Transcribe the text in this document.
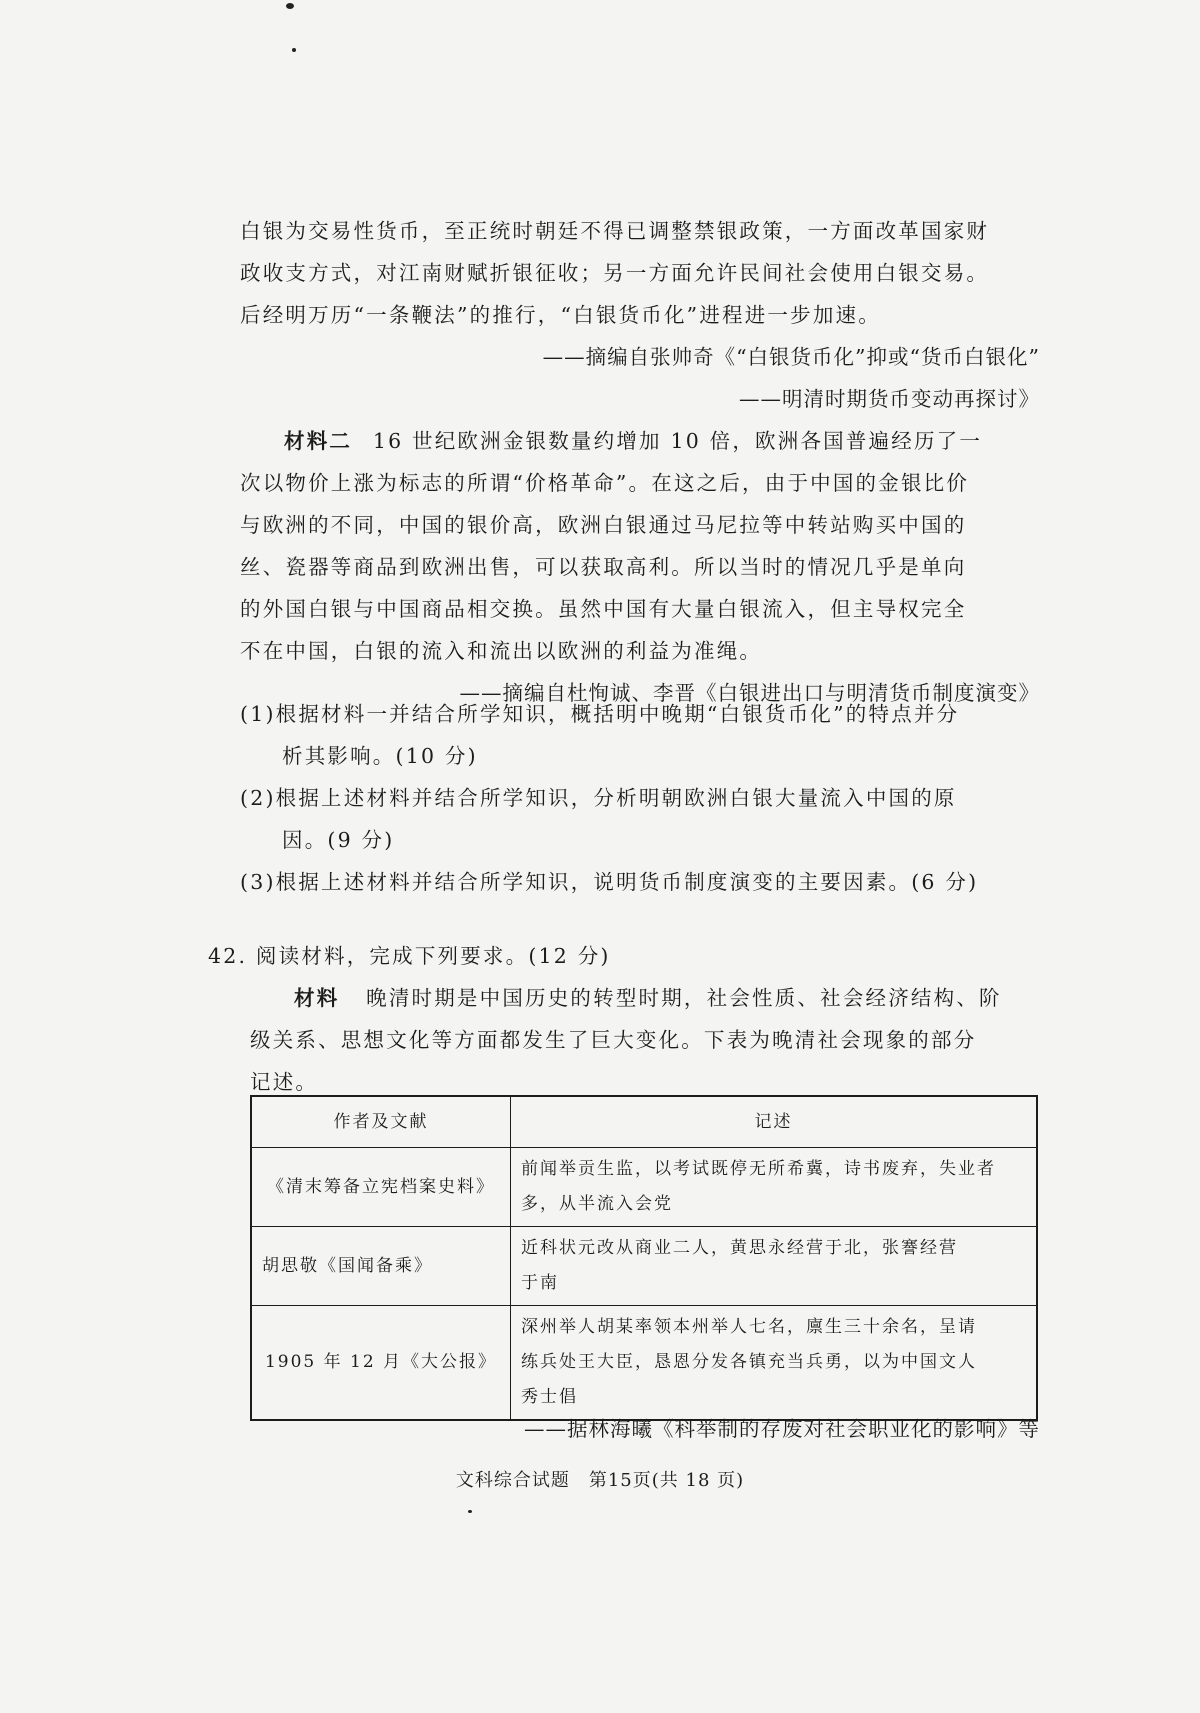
白银为交易性货币，至正统时朝廷不得已调整禁银政策，一方面改革国家财
政收支方式，对江南财赋折银征收；另一方面允许民间社会使用白银交易。
后经明万历“一条鞭法”的推行，“白银货币化”进程进一步加速。
——摘编自张帅奇《“白银货币化”抑或“货币白银化”
——明清时期货币变动再探讨》
材料二 16 世纪欧洲金银数量约增加 10 倍，欧洲各国普遍经历了一
次以物价上涨为标志的所谓“价格革命”。在这之后，由于中国的金银比价
与欧洲的不同，中国的银价高，欧洲白银通过马尼拉等中转站购买中国的
丝、瓷器等商品到欧洲出售，可以获取高利。所以当时的情况几乎是单向
的外国白银与中国商品相交换。虽然中国有大量白银流入，但主导权完全
不在中国，白银的流入和流出以欧洲的利益为准绳。
——摘编自杜恂诚、李晋《白银进出口与明清货币制度演变》
(1)根据材料一并结合所学知识，概括明中晚期“白银货币化”的特点并分
析其影响。(10 分)
(2)根据上述材料并结合所学知识，分析明朝欧洲白银大量流入中国的原
因。(9 分)
(3)根据上述材料并结合所学知识，说明货币制度演变的主要因素。(6 分)
42. 阅读材料，完成下列要求。(12 分)
材料 晚清时期是中国历史的转型时期，社会性质、社会经济结构、阶
级关系、思想文化等方面都发生了巨大变化。下表为晚清社会现象的部分
记述。
作者及文献	记述
《清末筹备立宪档案史料》	前闻举贡生监，以考试既停无所希冀，诗书废弃，失业者
多，从半流入会党

胡思敬《国闻备乘》	近科状元改从商业二人，黄思永经营于北，张謇经营
于南

1905 年 12 月《大公报》	深州举人胡某率领本州举人七名，廪生三十余名，呈请
练兵处王大臣，恳恩分发各镇充当兵勇，以为中国文人
秀士倡
——据林海曦《科举制的存废对社会职业化的影响》等
文科综合试题　第15页(共 18 页)
